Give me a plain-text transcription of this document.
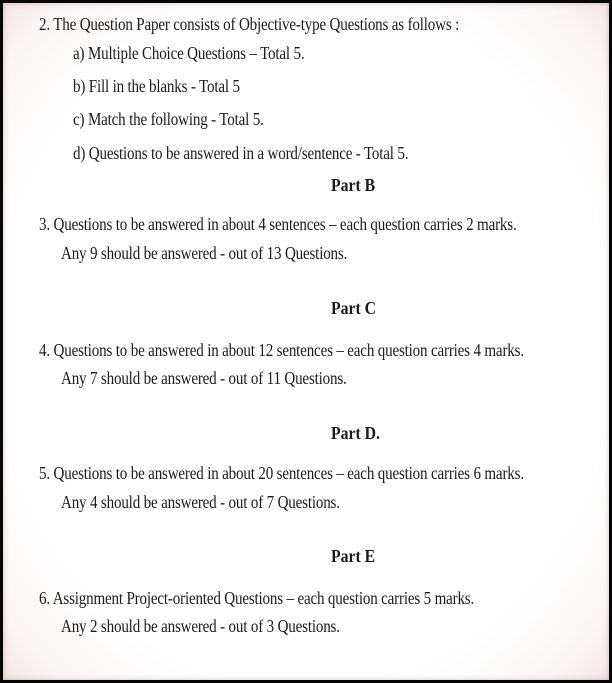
2. The Question Paper consists of Objective-type Questions as follows :
a) Multiple Choice Questions – Total 5.
b) Fill in the blanks - Total 5
c) Match the following - Total 5.
d) Questions to be answered in a word/sentence - Total 5.
Part B
3. Questions to be answered in about 4 sentences – each question carries 2 marks.
Any 9 should be answered - out of 13 Questions.
Part C
4. Questions to be answered in about 12 sentences – each question carries 4 marks.
Any 7 should be answered - out of 11 Questions.
Part D.
5. Questions to be answered in about 20 sentences – each question carries 6 marks.
Any 4 should be answered - out of 7 Questions.
Part E
6. Assignment Project-oriented Questions – each question carries 5 marks.
Any 2 should be answered - out of 3 Questions.
